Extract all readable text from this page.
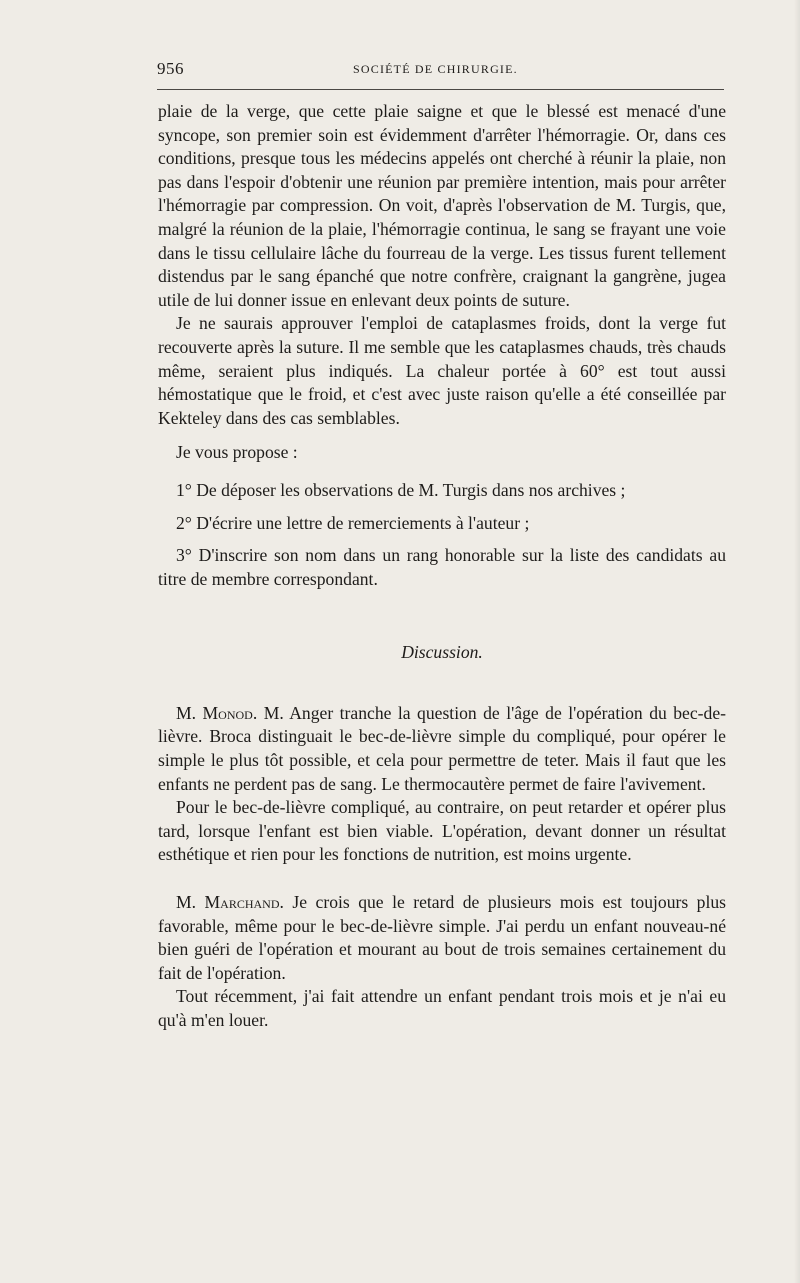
956	SOCIÉTÉ DE CHIRURGIE.

plaie de la verge, que cette plaie saigne et que le blessé est menacé d'une syncope, son premier soin est évidemment d'arrêter l'hémorragie. Or, dans ces conditions, presque tous les médecins appelés ont cherché à réunir la plaie, non pas dans l'espoir d'obtenir une réunion par première intention, mais pour arrêter l'hémorragie par compression. On voit, d'après l'observation de M. Turgis, que, malgré la réunion de la plaie, l'hémorragie continua, le sang se frayant une voie dans le tissu cellulaire lâche du fourreau de la verge. Les tissus furent tellement distendus par le sang épanché que notre confrère, craignant la gangrène, jugea utile de lui donner issue en enlevant deux points de suture.

Je ne saurais approuver l'emploi de cataplasmes froids, dont la verge fut recouverte après la suture. Il me semble que les cataplasmes chauds, très chauds même, seraient plus indiqués. La chaleur portée à 60° est tout aussi hémostatique que le froid, et c'est avec juste raison qu'elle a été conseillée par Kekteley dans des cas semblables.

Je vous propose :

1° De déposer les observations de M. Turgis dans nos archives ;

2° D'écrire une lettre de remerciements à l'auteur ;

3° D'inscrire son nom dans un rang honorable sur la liste des candidats au titre de membre correspondant.

Discussion.

M. Monod. M. Anger tranche la question de l'âge de l'opération du bec-de-lièvre. Broca distinguait le bec-de-lièvre simple du compliqué, pour opérer le simple le plus tôt possible, et cela pour permettre de teter. Mais il faut que les enfants ne perdent pas de sang. Le thermocautère permet de faire l'avivement.

Pour le bec-de-lièvre compliqué, au contraire, on peut retarder et opérer plus tard, lorsque l'enfant est bien viable. L'opération, devant donner un résultat esthétique et rien pour les fonctions de nutrition, est moins urgente.

M. Marchand. Je crois que le retard de plusieurs mois est toujours plus favorable, même pour le bec-de-lièvre simple. J'ai perdu un enfant nouveau-né bien guéri de l'opération et mourant au bout de trois semaines certainement du fait de l'opération.

Tout récemment, j'ai fait attendre un enfant pendant trois mois et je n'ai eu qu'à m'en louer.
